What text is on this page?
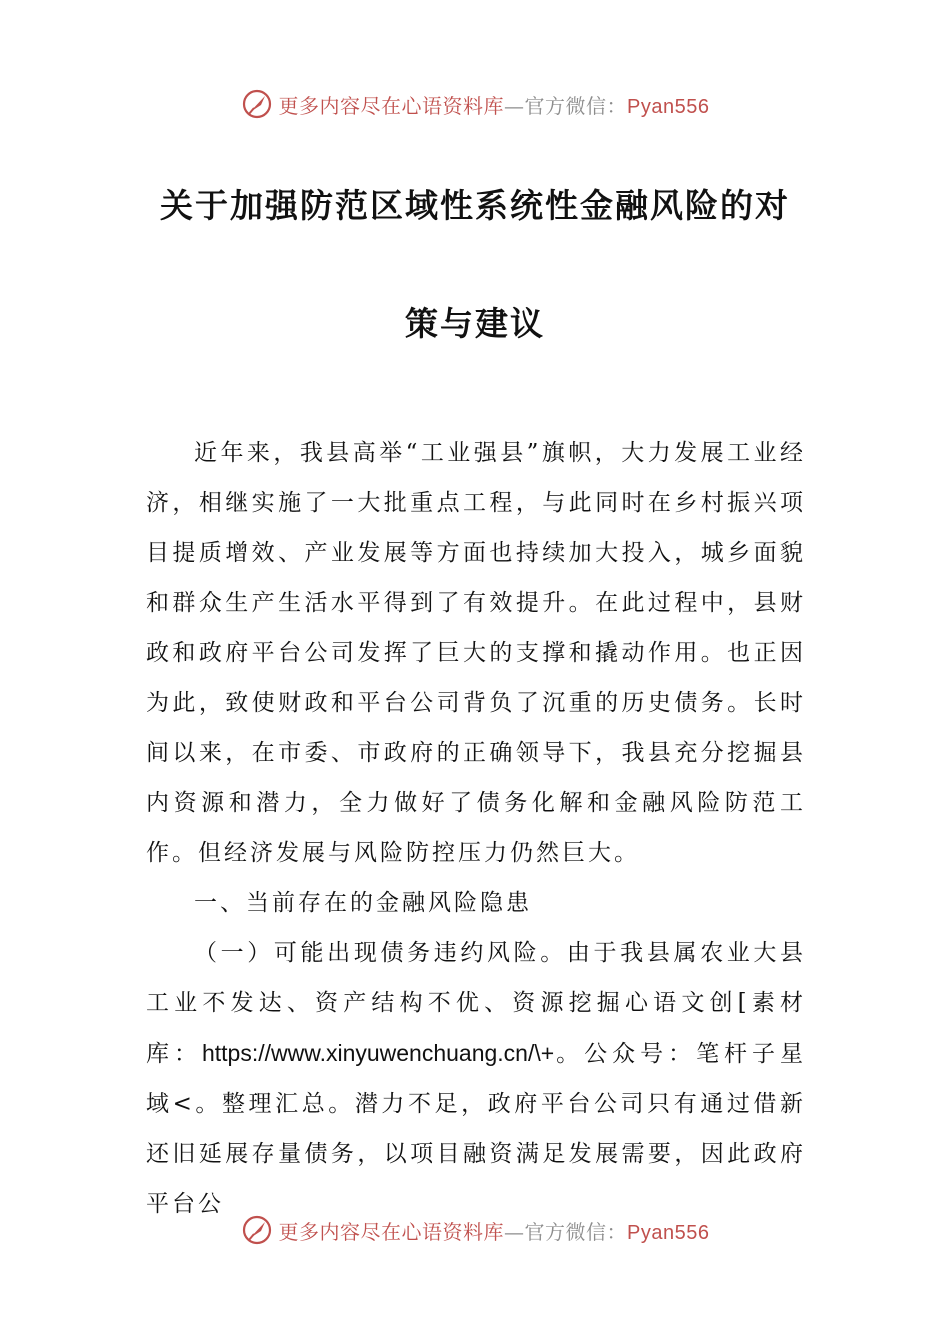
更多内容尽在心语资料库—官方微信：Pyan556
关于加强防范区域性系统性金融风险的对
策与建议

近年来，我县高举“工业强县”旗帜，大力发展工业经济，相继实施了一大批重点工程，与此同时在乡村振兴项目提质增效、产业发展等方面也持续加大投入，城乡面貌和群众生产生活水平得到了有效提升。在此过程中，县财政和政府平台公司发挥了巨大的支撑和撬动作用。也正因为此，致使财政和平台公司背负了沉重的历史债务。长时间以来，在市委、市政府的正确领导下，我县充分挖掘县内资源和潜力，全力做好了债务化解和金融风险防范工作。但经济发展与风险防控压力仍然巨大。

一、当前存在的金融风险隐患

（一）可能出现债务违约风险。由于我县属农业大县工业不发达、资产结构不优、资源挖掘心语文创[素材库：https://www.xinyuwenchuang.cn/\+。公众号：笔杆子星域<。整理汇总。潜力不足，政府平台公司只有通过借新还旧延展存量债务，以项目融资满足发展需要，因此政府平台公

更多内容尽在心语资料库—官方微信：Pyan556
